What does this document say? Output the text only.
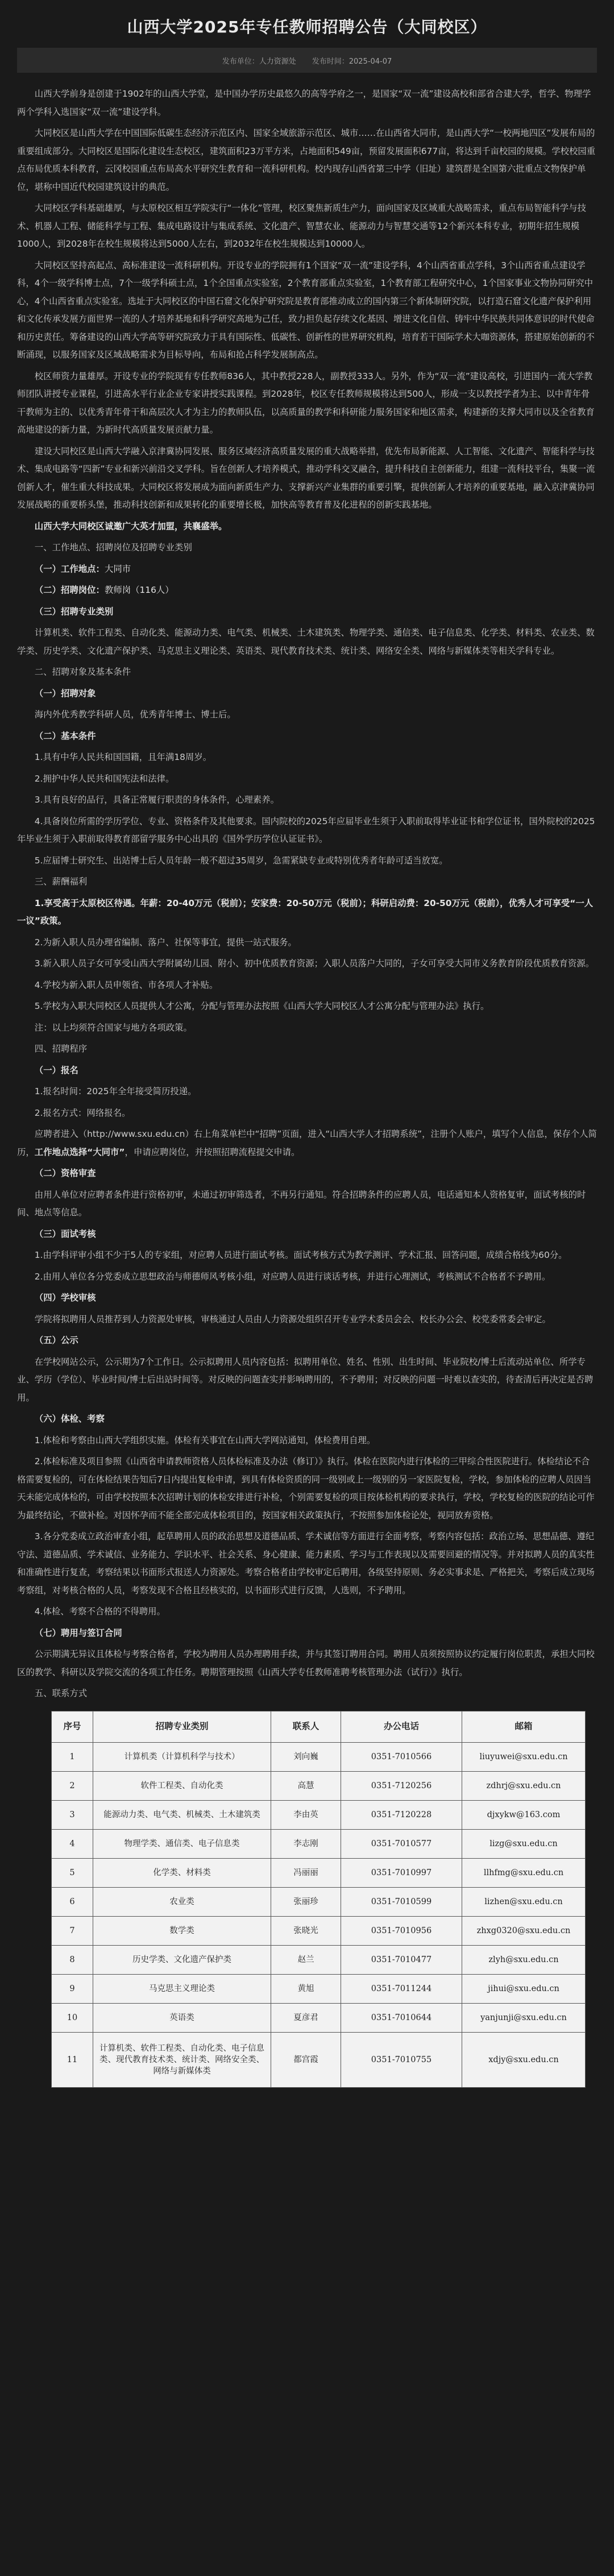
山西大学2025年专任教师招聘公告（大同校区）
发布单位：人力资源处 发布时间：2025-04-07

山西大学前身是创建于1902年的山西大学堂，是中国办学历史最悠久的高等学府之一，是国家“双一流”建设高校和部省合建大学，哲学、物理学两个学科入选国家“双一流”建设学科。

大同校区是山西大学在中国国际低碳生态经济示范区内、国家全域旅游示范区、城市……在山西省大同市，是山西大学“一校两地四区”发展布局的重要组成部分。大同校区是国际化建设生态校区，建筑面积23万平方米，占地面积549亩，预留发展面积677亩，将达到千亩校园的规模。学校校园重点布局优质本科教育，云冈校园重点布局高水平研究生教育和一流科研机构。校内现存山西省第三中学（旧址）建筑群是全国第六批重点文物保护单位，堪称中国近代校园建筑设计的典范。

大同校区学科基础雄厚，与太原校区相互学院实行“一体化”管理，校区聚焦新质生产力，面向国家及区域重大战略需求，重点布局智能科学与技术、机器人工程、储能科学与工程、集成电路设计与集成系统、文化遗产、智慧农业、能源动力与智慧交通等12个新兴本科专业，初期年招生规模1000人，到2028年在校生规模将达到5000人左右，到2032年在校生规模达到10000人。

大同校区坚持高起点、高标准建设一流科研机构。开设专业的学院拥有1个国家“双一流”建设学科，4个山西省重点学科，3个山西省重点建设学科，4个一级学科博士点，7个一级学科硕士点，1个全国重点实验室，2个教育部重点实验室，1个教育部工程研究中心，1个国家事业文物协同研究中心，4个山西省重点实验室。选址于大同校区的中国石窟文化保护研究院是教育部推动成立的国内第三个新体制研究院，以打造石窟文化遗产保护利用和文化传承发展方面世界一流的人才培养基地和科学研究高地为己任，致力担负起存续文化基因、增进文化自信、铸牢中华民族共同体意识的时代使命和历史责任。筹备建设的山西大学高等研究院致力于具有国际性、低碳性、创新性的世界研究机构，培育若干国际学术大咖资源体，搭建原始创新的不断涌现，以服务国家及区域战略需求为目标导向，布局和抢占科学发展制高点。

校区师资力量雄厚。开设专业的学院现有专任教师836人，其中教授228人，副教授333人。另外，作为“双一流”建设高校，引进国内一流大学教师团队讲授专业课程，引进高水平行业企业专家讲授实践课程。到2028年，校区专任教师规模将达到500人，形成一支以教授学者为主、以中青年骨干教师为主的、以优秀青年骨干和高层次人才为主力的教师队伍，以高质量的教学和科研能力服务国家和地区需求，构建新的支撑大同市以及全省教育高地建设的新力量，为新时代高质量发展贡献力量。

建设大同校区是山西大学融入京津冀协同发展、服务区域经济高质量发展的重大战略举措，优先布局新能源、人工智能、文化遗产、智能科学与技术、集成电路等“四新”专业和新兴前沿交叉学科。旨在创新人才培养模式，推动学科交叉融合，提升科技自主创新能力，组建一流科技平台，集聚一流创新人才，催生重大科技成果。大同校区将发展成为面向新质生产力、支撑新兴产业集群的重要引擎，提供创新人才培养的重要基地，融入京津冀协同发展战略的重要桥头堡，推动科技创新和成果转化的重要增长极，加快高等教育普及化进程的创新实践基地。

山西大学大同校区诚邀广大英才加盟，共襄盛举。

一、工作地点、招聘岗位及招聘专业类别

（一）工作地点：大同市

（二）招聘岗位：教师岗（116人）

（三）招聘专业类别

计算机类、软件工程类、自动化类、能源动力类、电气类、机械类、土木建筑类、物理学类、通信类、电子信息类、化学类、材料类、农业类、数学类、历史学类、文化遗产保护类、马克思主义理论类、英语类、现代教育技术类、统计类、网络安全类、网络与新媒体类等相关学科专业。

二、招聘对象及基本条件

（一）招聘对象

海内外优秀教学科研人员，优秀青年博士、博士后。

（二）基本条件

1.具有中华人民共和国国籍，且年满18周岁。

2.拥护中华人民共和国宪法和法律。

3.具有良好的品行，具备正常履行职责的身体条件，心理素养。

4.具备岗位所需的学历学位、专业、资格条件及其他要求。国内院校的2025年应届毕业生须于入职前取得毕业证书和学位证书，国外院校的2025年毕业生须于入职前取得教育部留学服务中心出具的《国外学历学位认证证书》。

5.应届博士研究生、出站博士后人员年龄一般不超过35周岁，急需紧缺专业或特别优秀者年龄可适当放宽。

三、薪酬福利

1.享受高于太原校区待遇。年薪：20-40万元（税前）；安家费：20-50万元（税前）；科研启动费：20-50万元（税前），优秀人才可享受“一人一议”政策。

2.为新入职人员办理省编制、落户、社保等事宜，提供一站式服务。

3.新入职人员子女可享受山西大学附属幼儿园、附小、初中优质教育资源；入职人员落户大同的，子女可享受大同市义务教育阶段优质教育资源。

4.学校为新入职人员申领省、市各项人才补贴。

5.学校为入职大同校区人员提供人才公寓，分配与管理办法按照《山西大学大同校区人才公寓分配与管理办法》执行。

注：以上均须符合国家与地方各项政策。

四、招聘程序

（一）报名

1.报名时间：2025年全年接受简历投递。

2.报名方式：网络报名。

应聘者进入（http://www.sxu.edu.cn）右上角菜单栏中“招聘”页面，进入“山西大学人才招聘系统”，注册个人账户，填写个人信息，保存个人简历，工作地点选择“大同市”，申请应聘岗位，并按照招聘流程提交申请。

（二）资格审查

由用人单位对应聘者条件进行资格初审，未通过初审筛选者，不再另行通知。符合招聘条件的应聘人员，电话通知本人资格复审，面试考核的时间、地点等信息。

（三）面试考核

1.由学科评审小组不少于5人的专家组，对应聘人员进行面试考核。面试考核方式为教学测评、学术汇报、回答问题，成绩合格线为60分。

2.由用人单位各分党委成立思想政治与师德师风考核小组，对应聘人员进行谈话考核，并进行心理测试，考核测试不合格者不予聘用。

（四）学校审核

学院将拟聘用人员推荐到人力资源处审核，审核通过人员由人力资源处组织召开专业学术委员会会、校长办公会、校党委常委会审定。

（五）公示

在学校网站公示，公示期为7个工作日。公示拟聘用人员内容包括：拟聘用单位、姓名、性别、出生时间、毕业院校/博士后流动站单位、所学专业、学历（学位）、毕业时间/博士后出站时间等。对反映的问题查实并影响聘用的，不予聘用；对反映的问题一时难以查实的，待查清后再决定是否聘用。

（六）体检、考察

1.体检和考察由山西大学组织实施。体检有关事宜在山西大学网站通知，体检费用自理。

2.体检标准及项目参照《山西省申请教师资格人员体检标准及办法（修订）》执行。体检在医院内进行体检的三甲综合性医院进行。体检结论不合格需要复检的，可在体检结果告知后7日内提出复检申请，到具有体检资质的同一级别或上一级别的另一家医院复检，学校，参加体检的应聘人员因当天未能完成体检的，可由学校按照本次招聘计划的体检安排进行补检，个别需要复检的项目按体检机构的要求执行，学校，学校复检的医院的结论可作为最终结论，不做补检。对因怀孕而不能全部完成体检项目的，按国家相关政策执行，不按照参加体检论处，视同放弃资格。

3.各分党委成立政治审查小组，起草聘用人员的政治思想及道德品质、学术诚信等方面进行全面考察，考察内容包括：政治立场、思想品德、遵纪守法、道德品质、学术诚信、业务能力、学识水平、社会关系、身心健康、能力素质、学习与工作表现以及需要回避的情况等。并对拟聘人员的真实性和准确性进行复查，考察结果以书面形式报送人力资源处。考察合格者由学校审定后聘用，各级坚持原则、务必实事求是、严格把关，考察后成立现场考察组，对考核合格的人员，考察发现不合格且经核实的，以书面形式进行反馈，人选则，不予聘用。

4.体检、考察不合格的不得聘用。

（七）聘用与签订合同

公示期满无异议且体检与考察合格者，学校为聘用人员办理聘用手续，并与其签订聘用合同。聘用人员须按照协议约定履行岗位职责，承担大同校区的教学、科研以及学院交流的各项工作任务。聘期管理按照《山西大学专任教师准聘考核管理办法（试行）》执行。

五、联系方式

序号	招聘专业类别	联系人	办公电话	邮箱
1	计算机类（计算机科学与技术）	刘向巍	0351-7010566	liuyuwei@sxu.edu.cn
2	软件工程类、自动化类	高慧	0351-7120256	zdhrj@sxu.edu.cn
3	能源动力类、电气类、机械类、土木建筑类	李由英	0351-7120228	djxykw@163.com
4	物理学类、通信类、电子信息类	李志刚	0351-7010577	lizg@sxu.edu.cn
5	化学类、材料类	冯丽丽	0351-7010997	llhfmg@sxu.edu.cn
6	农业类	张丽珍	0351-7010599	lizhen@sxu.edu.cn
7	数学类	张晓光	0351-7010956	zhxg0320@sxu.edu.cn
8	历史学类、文化遗产保护类	赵兰	0351-7010477	zlyh@sxu.edu.cn
9	马克思主义理论类	黄旭	0351-7011244	jihui@sxu.edu.cn
10	英语类	夏彦君	0351-7010644	yanjunji@sxu.edu.cn
11	计算机类、软件工程类、自动化类、电子信息类、现代教育技术类、统计类、网络安全类、网络与新媒体类	都宫霞	0351-7010755	xdjy@sxu.edu.cn
